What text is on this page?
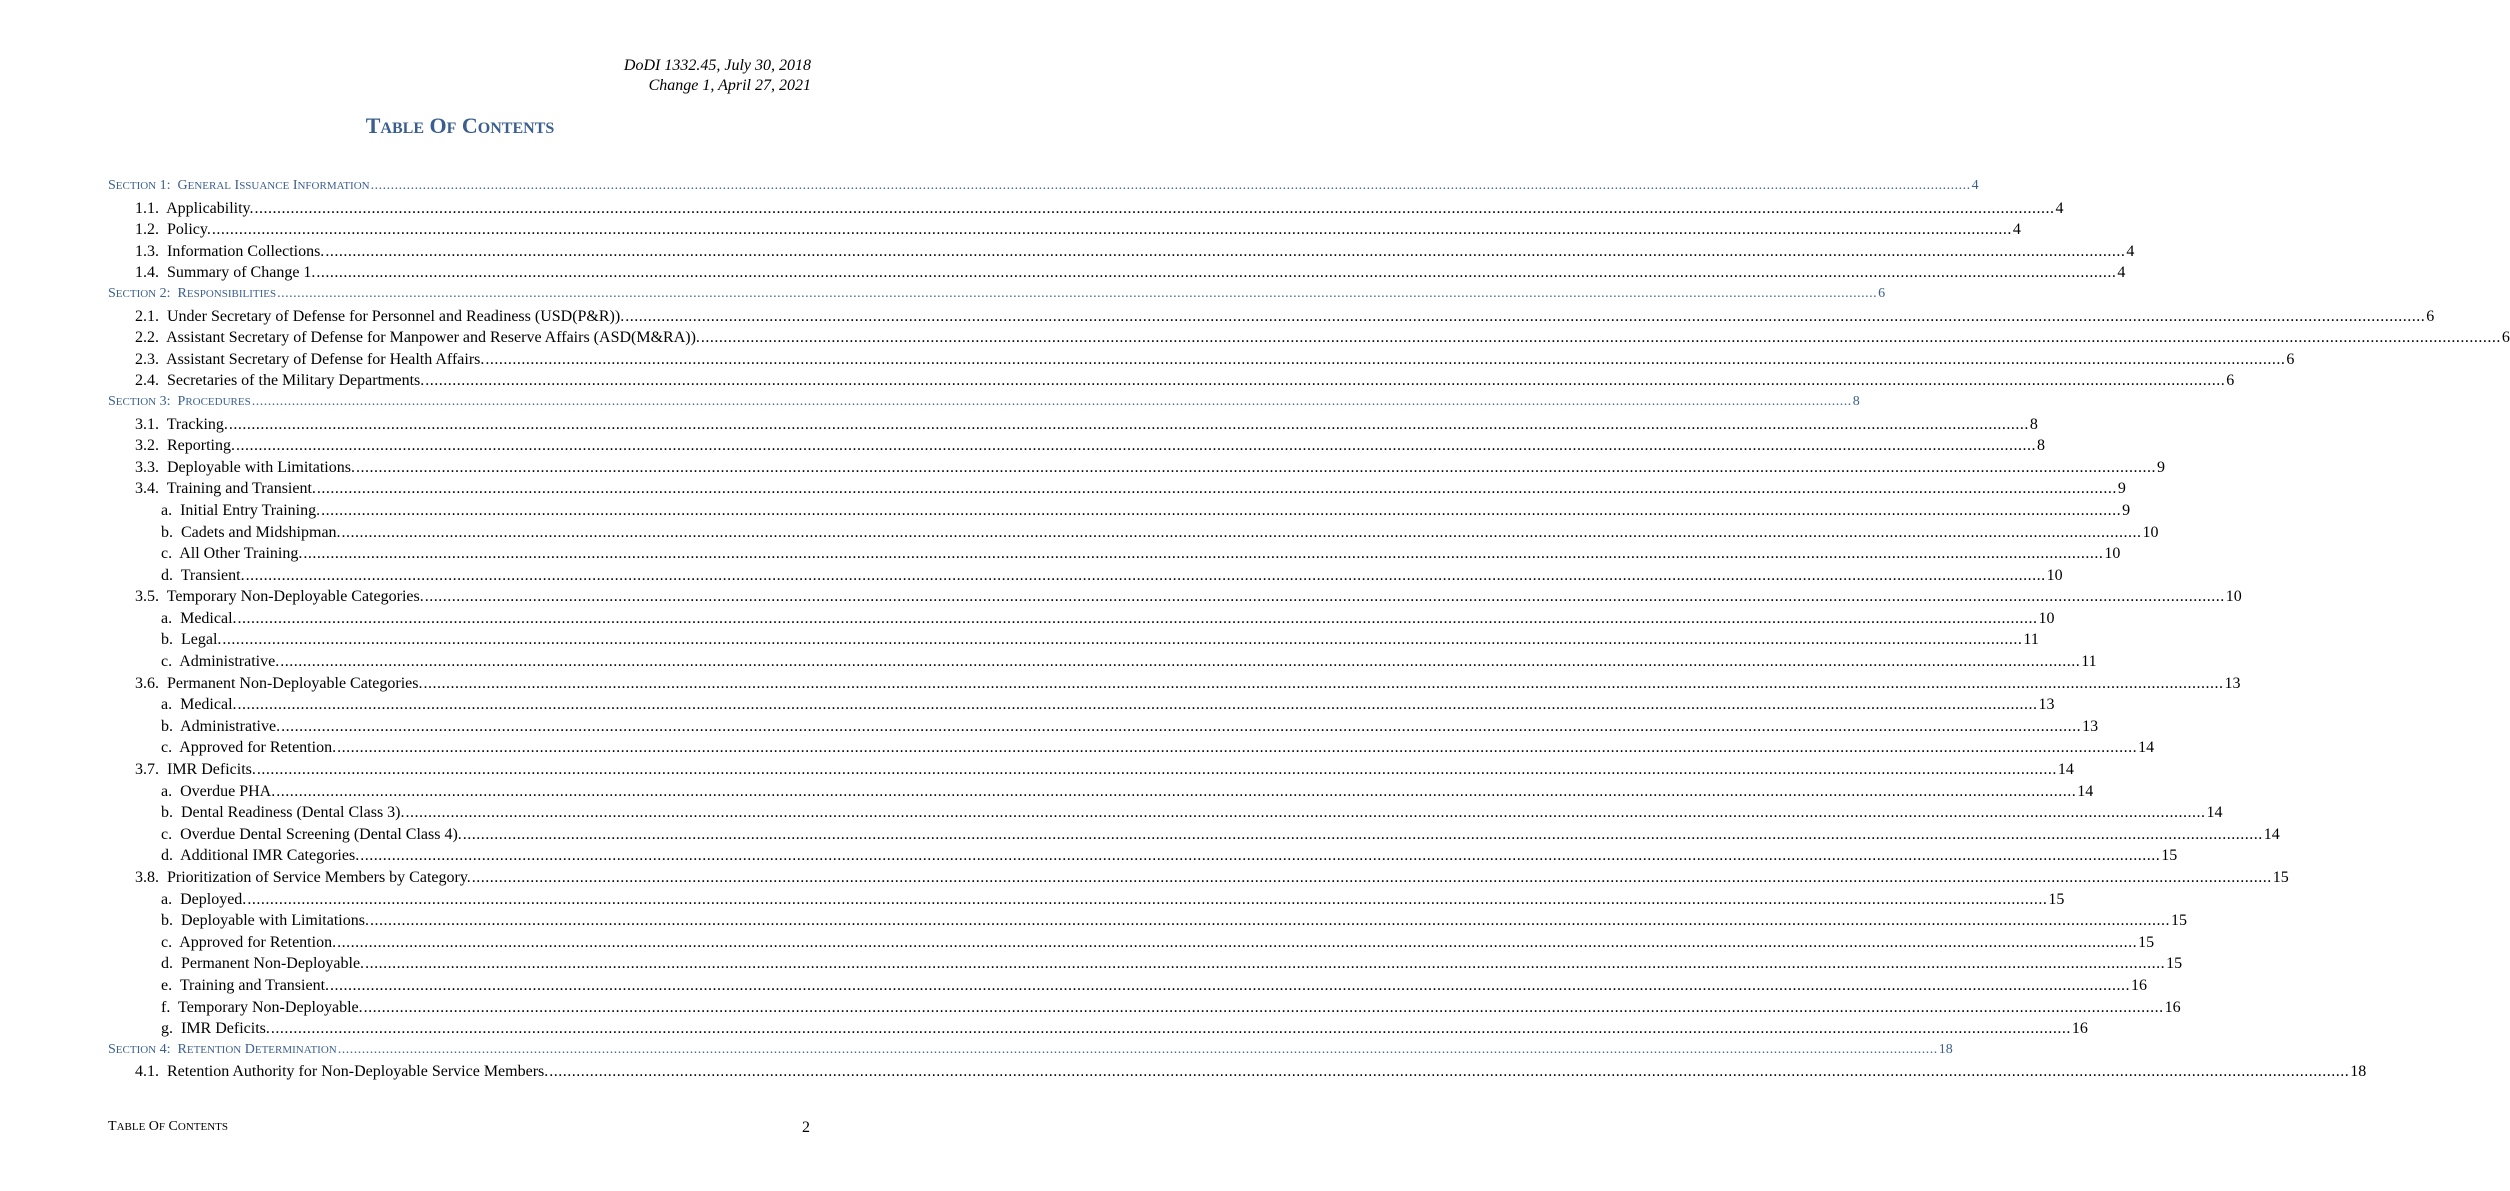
DoDI 1332.45, July 30, 2018
Change 1, April 27, 2021
TABLE OF CONTENTS
SECTION 1:  GENERAL ISSUANCE INFORMATION ................................................................................................................................................................................................................................................................................................................................................................................................................ 4
1.1.  Applicability. ................................................................................................................................................................................................................................................................................................................................................................................................................ 4
1.2.  Policy. ................................................................................................................................................................................................................................................................................................................................................................................................................ 4
1.3.  Information Collections. ................................................................................................................................................................................................................................................................................................................................................................................................................ 4
1.4.  Summary of Change 1. ................................................................................................................................................................................................................................................................................................................................................................................................................ 4
SECTION 2:  RESPONSIBILITIES ................................................................................................................................................................................................................................................................................................................................................................................................................ 6
2.1.  Under Secretary of Defense for Personnel and Readiness (USD(P&R)). ................................................................................................................................................................................................................................................................................................................................................................................................................ 6
2.2.  Assistant Secretary of Defense for Manpower and Reserve Affairs (ASD(M&RA)). ................................................................................................................................................................................................................................................................................................................................................................................................................ 6
2.3.  Assistant Secretary of Defense for Health Affairs. ................................................................................................................................................................................................................................................................................................................................................................................................................ 6
2.4.  Secretaries of the Military Departments. ................................................................................................................................................................................................................................................................................................................................................................................................................ 6
SECTION 3:  PROCEDURES ................................................................................................................................................................................................................................................................................................................................................................................................................ 8
3.1.  Tracking. ................................................................................................................................................................................................................................................................................................................................................................................................................ 8
3.2.  Reporting. ................................................................................................................................................................................................................................................................................................................................................................................................................ 8
3.3.  Deployable with Limitations. ................................................................................................................................................................................................................................................................................................................................................................................................................ 9
3.4.  Training and Transient. ................................................................................................................................................................................................................................................................................................................................................................................................................ 9
a.  Initial Entry Training. ................................................................................................................................................................................................................................................................................................................................................................................................................ 9
b.  Cadets and Midshipman. ................................................................................................................................................................................................................................................................................................................................................................................................................ 10
c.  All Other Training. ................................................................................................................................................................................................................................................................................................................................................................................................................ 10
d.  Transient. ................................................................................................................................................................................................................................................................................................................................................................................................................ 10
3.5.  Temporary Non-Deployable Categories. ................................................................................................................................................................................................................................................................................................................................................................................................................ 10
a.  Medical. ................................................................................................................................................................................................................................................................................................................................................................................................................ 10
b.  Legal. ................................................................................................................................................................................................................................................................................................................................................................................................................ 11
c.  Administrative. ................................................................................................................................................................................................................................................................................................................................................................................................................ 11
3.6.  Permanent Non-Deployable Categories. ................................................................................................................................................................................................................................................................................................................................................................................................................ 13
a.  Medical. ................................................................................................................................................................................................................................................................................................................................................................................................................ 13
b.  Administrative. ................................................................................................................................................................................................................................................................................................................................................................................................................ 13
c.  Approved for Retention. ................................................................................................................................................................................................................................................................................................................................................................................................................ 14
3.7.  IMR Deficits. ................................................................................................................................................................................................................................................................................................................................................................................................................ 14
a.  Overdue PHA. ................................................................................................................................................................................................................................................................................................................................................................................................................ 14
b.  Dental Readiness (Dental Class 3). ................................................................................................................................................................................................................................................................................................................................................................................................................ 14
c.  Overdue Dental Screening (Dental Class 4). ................................................................................................................................................................................................................................................................................................................................................................................................................ 14
d.  Additional IMR Categories. ................................................................................................................................................................................................................................................................................................................................................................................................................ 15
3.8.  Prioritization of Service Members by Category. ................................................................................................................................................................................................................................................................................................................................................................................................................ 15
a.  Deployed. ................................................................................................................................................................................................................................................................................................................................................................................................................ 15
b.  Deployable with Limitations. ................................................................................................................................................................................................................................................................................................................................................................................................................ 15
c.  Approved for Retention. ................................................................................................................................................................................................................................................................................................................................................................................................................ 15
d.  Permanent Non-Deployable. ................................................................................................................................................................................................................................................................................................................................................................................................................ 15
e.  Training and Transient. ................................................................................................................................................................................................................................................................................................................................................................................................................ 16
f.  Temporary Non-Deployable. ................................................................................................................................................................................................................................................................................................................................................................................................................ 16
g.  IMR Deficits. ................................................................................................................................................................................................................................................................................................................................................................................................................ 16
SECTION 4:  RETENTION DETERMINATION ................................................................................................................................................................................................................................................................................................................................................................................................................ 18
4.1.  Retention Authority for Non-Deployable Service Members. ................................................................................................................................................................................................................................................................................................................................................................................................................ 18
TABLE OF CONTENTS	2
